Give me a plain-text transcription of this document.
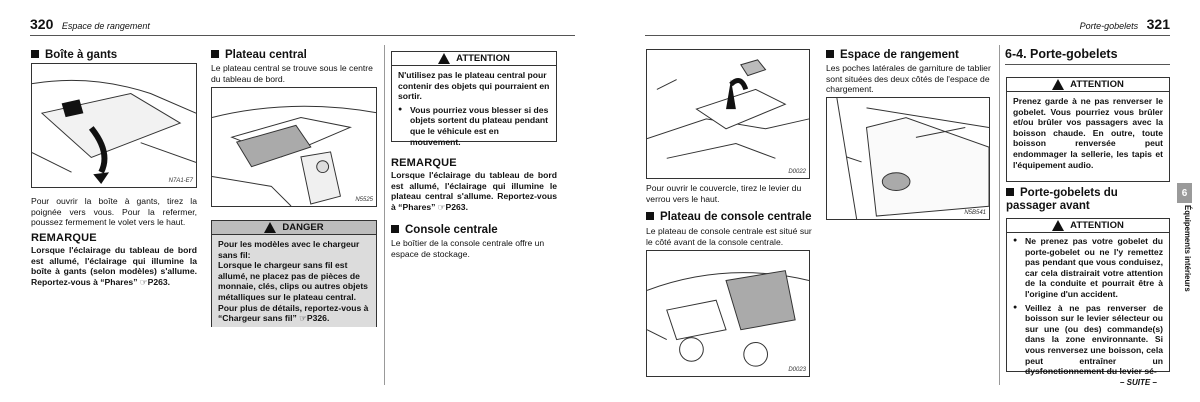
320 Espace de rangement	Porte-gobelets 321
Boîte à gants
N7A1-E7
Pour ouvrir la boîte à gants, tirez la poignée vers vous. Pour la refermer, poussez fermement le volet vers le haut.
REMARQUE
Lorsque l'éclairage du tableau de bord est allumé, l'éclairage qui illumine la boîte à gants (selon modèles) s'allume. Reportez-vous à “Phares” ☞P263.
Plateau central
Le plateau central se trouve sous le centre du tableau de bord.
N5525
DANGER
Pour les modèles avec le chargeur sans fil:
Lorsque le chargeur sans fil est allumé, ne placez pas de pièces de monnaie, clés, clips ou autres objets métalliques sur le plateau central. Pour plus de détails, reportez-vous à “Chargeur sans fil” ☞P326.
ATTENTION
N'utilisez pas le plateau central pour contenir des objets qui pourraient en sortir.
● Vous pourriez vous blesser si des objets sortent du plateau pendant que le véhicule est en mouvement.
REMARQUE
Lorsque l'éclairage du tableau de bord est allumé, l'éclairage qui illumine le plateau central s'allume. Reportez-vous à “Phares” ☞P263.
Console centrale
Le boîtier de la console centrale offre un espace de stockage.
D0022
Pour ouvrir le couvercle, tirez le levier du verrou vers le haut.
Plateau de console centrale
Le plateau de console centrale est situé sur le côté avant de la console centrale.
D0023
Espace de rangement
Les poches latérales de garniture de tablier sont situées des deux côtés de l'espace de chargement.
N5B541
6-4. Porte-gobelets
ATTENTION
Prenez garde à ne pas renverser le gobelet. Vous pourriez vous brûler et/ou brûler vos passagers avec la boisson chaude. En outre, toute boisson renversée peut endommager la sellerie, les tapis et l'équipement audio.
Porte-gobelets du passager avant
ATTENTION
● Ne prenez pas votre gobelet du porte-gobelet ou ne l'y remettez pas pendant que vous conduisez, car cela distrairait votre attention de la conduite et pourrait être à l'origine d'un accident.
● Veillez à ne pas renverser de boisson sur le levier sélecteur ou sur une (ou des) commande(s) dans la zone environnante. Si vous renversez une boisson, cela peut entraîner un dysfonctionnement du levier sé-
– SUITE –
6
Équipements intérieurs
